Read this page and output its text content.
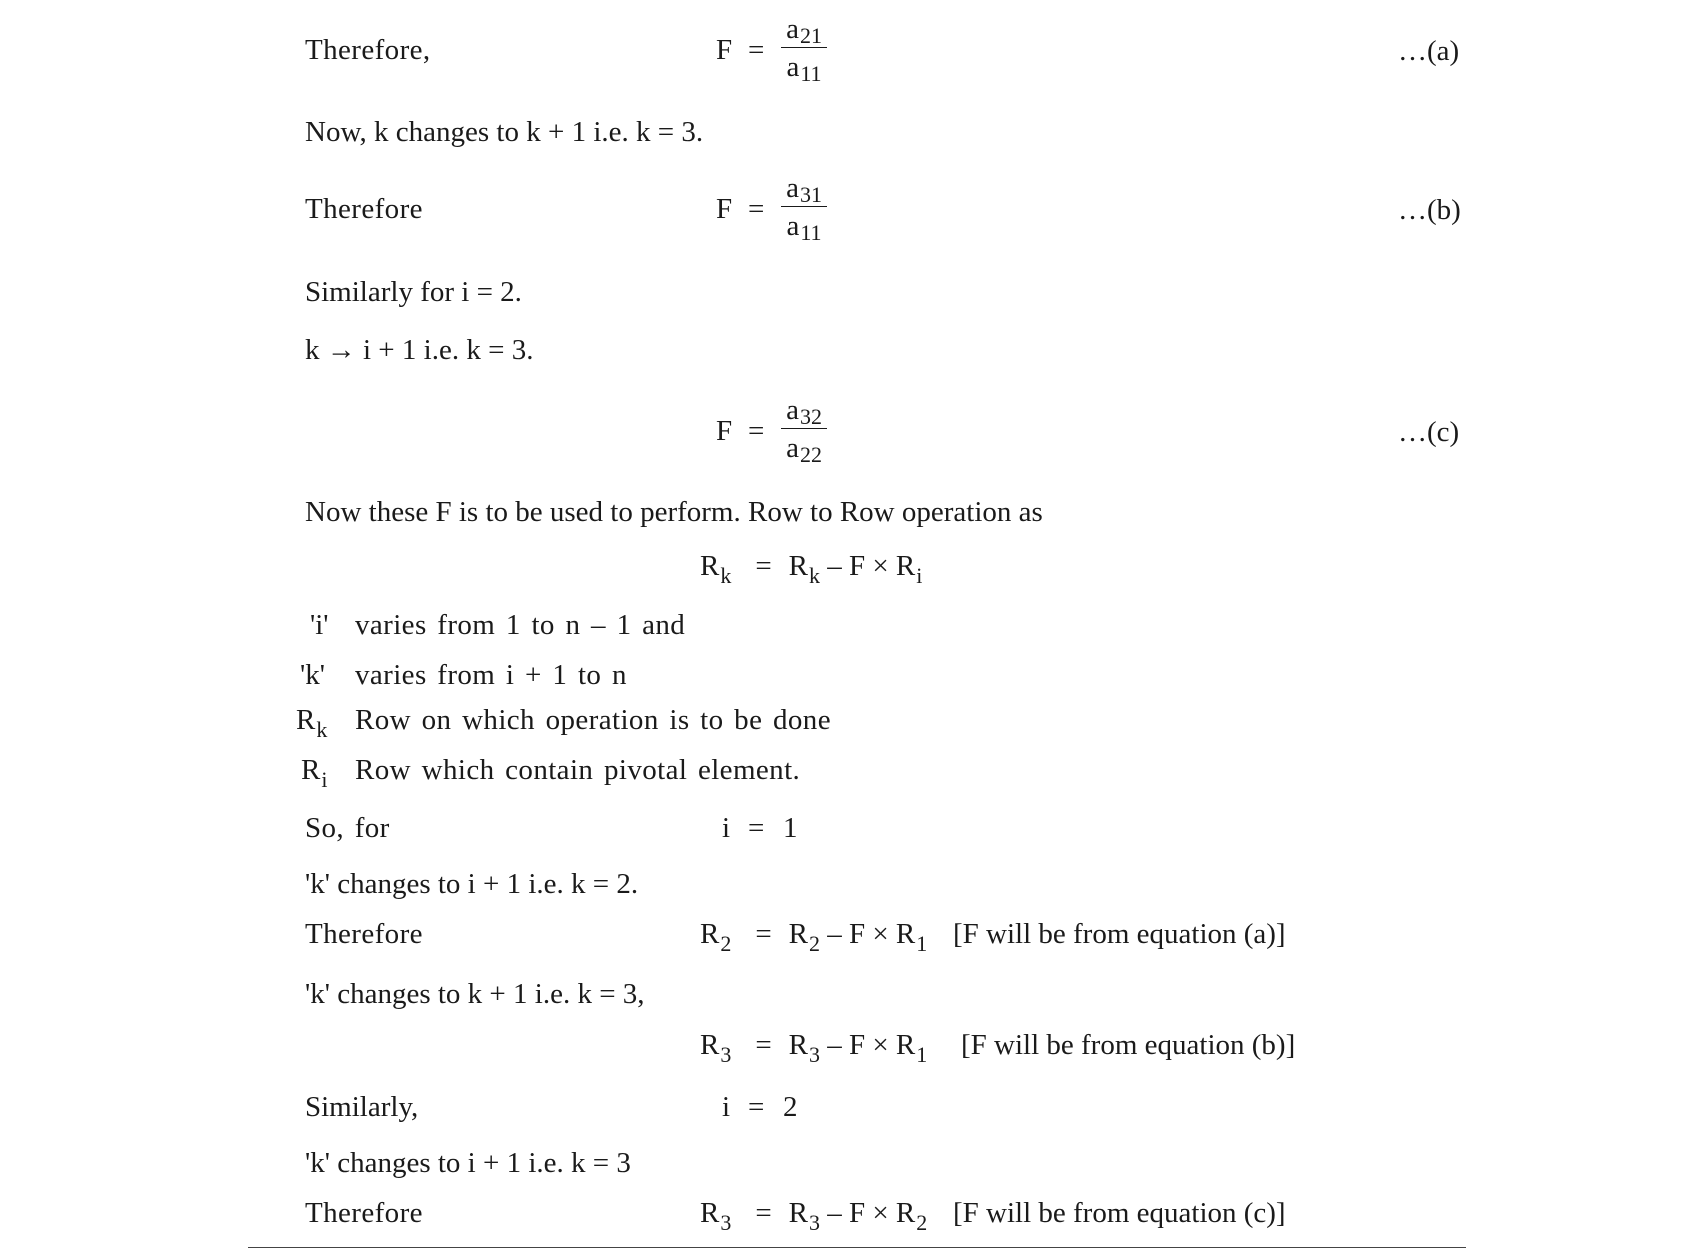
Therefore,	F =
a21
a11
…(a)
Now, k changes to k + 1 i.e. k = 3.
Therefore	F =
a31
a11
…(b)
Similarly for i = 2.
k → i + 1 i.e. k = 3.
F =
a32
a22
…(c)
Now these F is to be used to perform. Row to Row operation as
$R_k = R_k - F \times R_i$
'i' varies from 1 to n – 1 and
'k' varies from i + 1 to n
$R_k$ Row on which operation is to be done
$R_i$ Row which contain pivotal element.
So, for	i = 1
'k' changes to i + 1 i.e. k = 2.
Therefore	$R_2 = R_2 - F \times R_1$ [F will be from equation (a)]
'k' changes to k + 1 i.e. k = 3,
$R_3 = R_3 - F \times R_1$ [F will be from equation (b)]
Similarly,	i = 2
'k' changes to i + 1 i.e. k = 3
Therefore	$R_3 = R_3 - F \times R_2$ [F will be from equation (c)]
